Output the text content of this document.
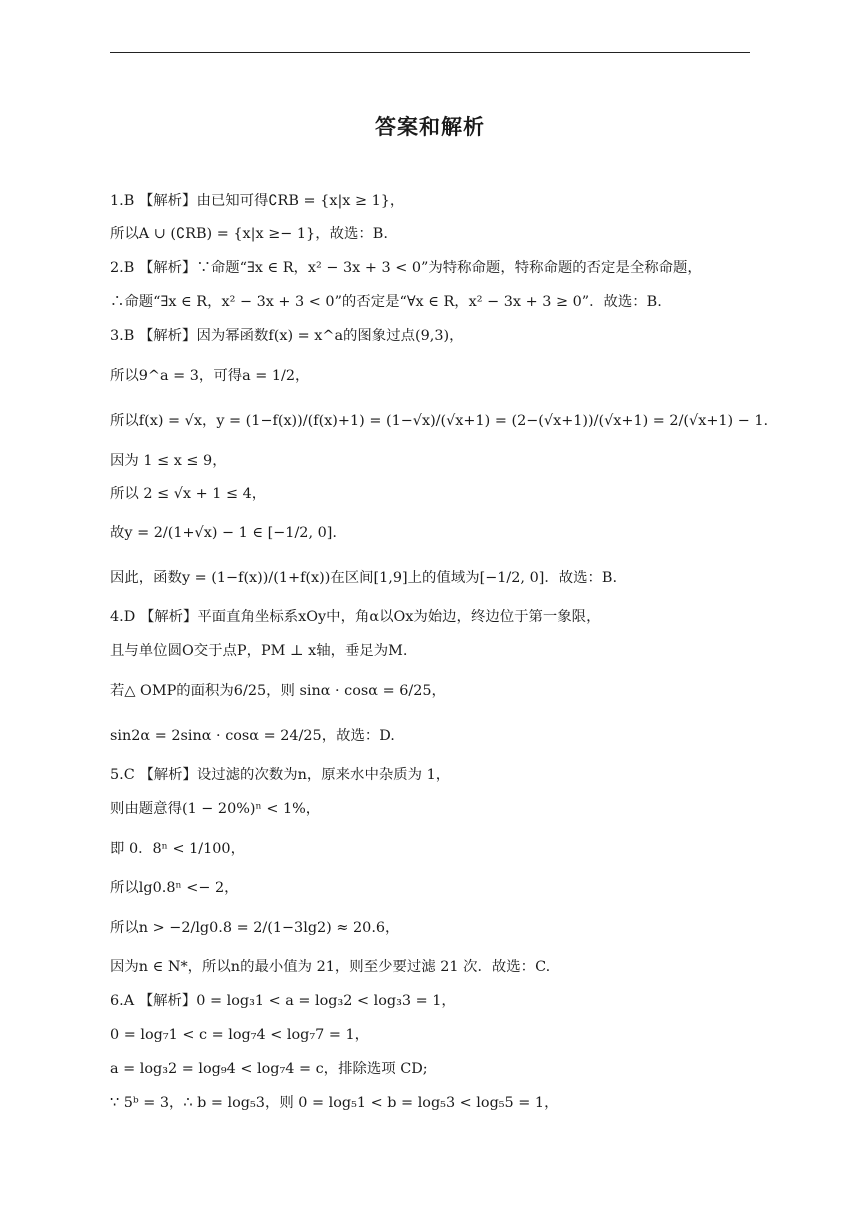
答案和解析
1.B 【解析】由已知可得∁RB = {x|x ≥ 1}，
所以A ∪ (∁RB) = {x|x ≥− 1}，故选：B.
2.B 【解析】∵命题“∃x ∈ R，x² − 3x + 3 < 0”为特称命题，特称命题的否定是全称命题，
∴命题“∃x ∈ R，x² − 3x + 3 < 0”的否定是“∀x ∈ R，x² − 3x + 3 ≥ 0”．故选：B.
3.B 【解析】因为幂函数f(x) = x^a的图象过点(9,3)，
所以9^a = 3，可得a = 1/2，
所以f(x) = √x，y = (1−f(x))/(f(x)+1) = (1−√x)/(√x+1) = (2−(√x+1))/(√x+1) = 2/(√x+1) − 1.
因为 1 ≤ x ≤ 9，
所以 2 ≤ √x + 1 ≤ 4，
故y = 2/(1+√x) − 1 ∈ [−1/2, 0].
因此，函数y = (1−f(x))/(1+f(x))在区间[1,9]上的值域为[−1/2, 0]．故选：B.
4.D 【解析】平面直角坐标系xOy中，角α以Ox为始边，终边位于第一象限，
且与单位圆O交于点P，PM ⊥ x轴，垂足为M.
若△ OMP的面积为6/25，则 sinα · cosα = 6/25，
sin2α = 2sinα · cosα = 24/25，故选：D.
5.C 【解析】设过滤的次数为n，原来水中杂质为 1，
则由题意得(1 − 20%)ⁿ < 1%，
即 0．8ⁿ < 1/100，
所以lg0.8ⁿ <− 2，
所以n > −2/lg0.8 = 2/(1−3lg2) ≈ 20.6，
因为n ∈ N*，所以n的最小值为 21，则至少要过滤 21 次．故选：C.
6.A 【解析】0 = log₃1 < a = log₃2 < log₃3 = 1，
0 = log₇1 < c = log₇4 < log₇7 = 1，
a = log₃2 = log₉4 < log₇4 = c，排除选项 CD;
∵ 5ᵇ = 3，∴ b = log₅3，则 0 = log₅1 < b = log₅3 < log₅5 = 1，
